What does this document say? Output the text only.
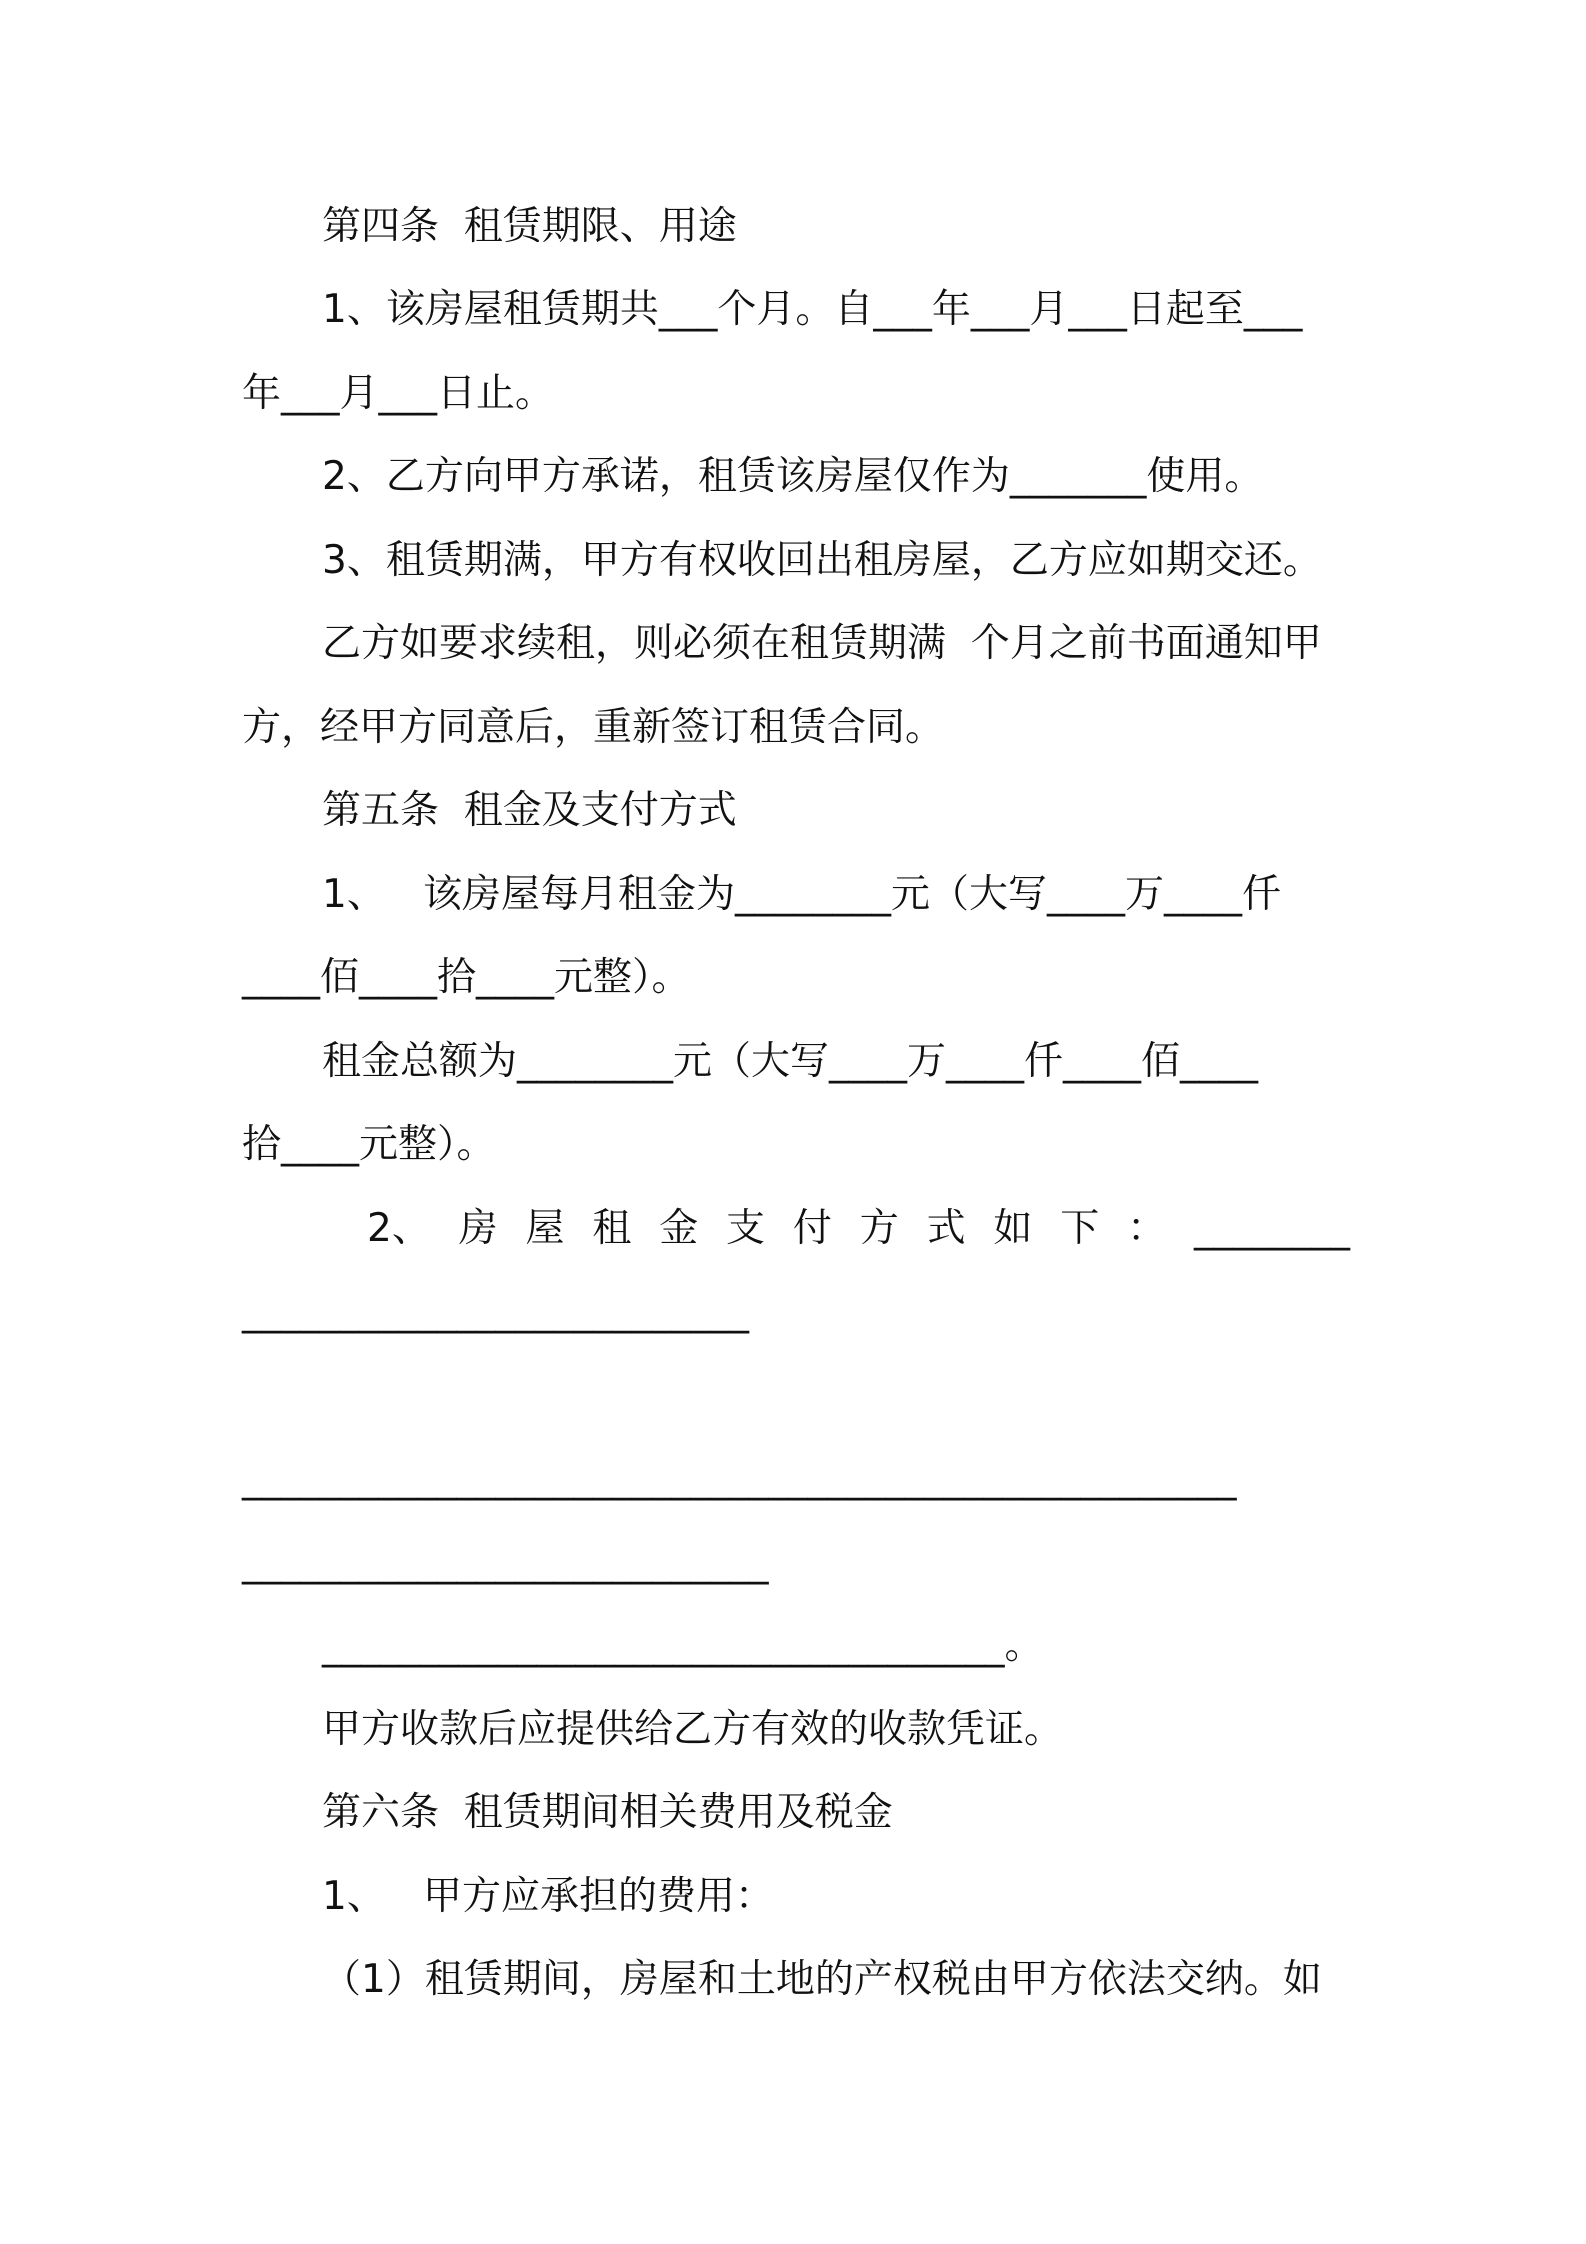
第四条  租赁期限、用途
1、该房屋租赁期共___个月。自___年___月___日起至___
年___月___日止。
2、乙方向甲方承诺，租赁该房屋仅作为_______使用。
3、租赁期满，甲方有权收回出租房屋，乙方应如期交还。
乙方如要求续租，则必须在租赁期满  个月之前书面通知甲
方，经甲方同意后，重新签订租赁合同。
第五条  租金及支付方式
1、   该房屋每月租金为________元（大写____万____仟
____佰____拾____元整）。
租金总额为________元（大写____万____仟____佰____
拾____元整）。
2、 房 屋 租 金 支 付 方 式 如 下 ： ________
__________________________
___________________________________________________
___________________________
___________________________________。
甲方收款后应提供给乙方有效的收款凭证。
第六条  租赁期间相关费用及税金
1、   甲方应承担的费用：
（1）租赁期间，房屋和土地的产权税由甲方依法交纳。如
